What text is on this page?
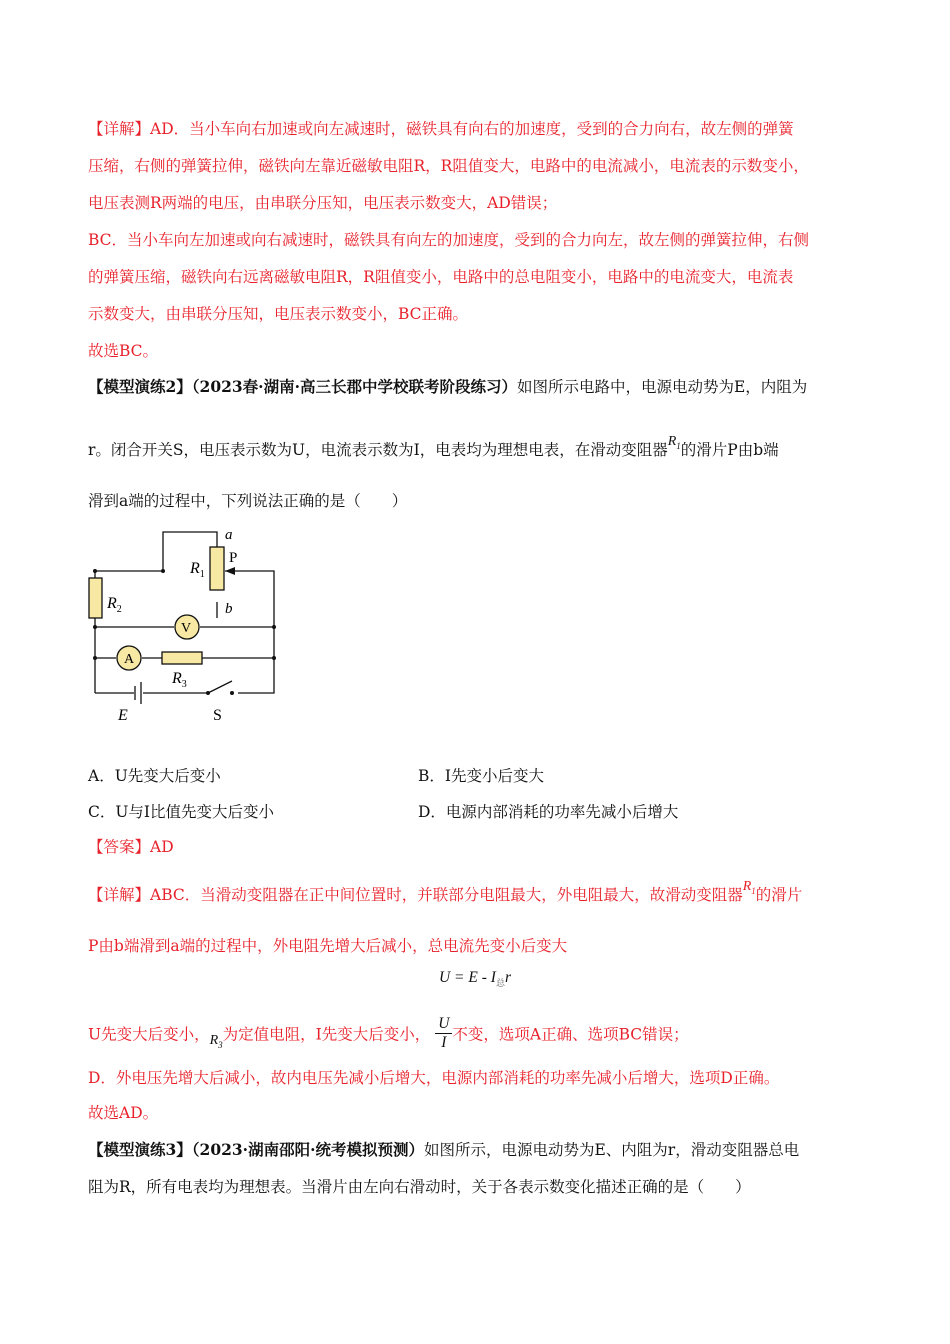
【详解】AD．当小车向右加速或向左减速时，磁铁具有向右的加速度，受到的合力向右，故左侧的弹簧
压缩，右侧的弹簧拉伸，磁铁向左靠近磁敏电阻R，R阻值变大，电路中的电流减小，电流表的示数变小，
电压表测R两端的电压，由串联分压知，电压表示数变大，AD错误；
BC．当小车向左加速或向右减速时，磁铁具有向左的加速度，受到的合力向左，故左侧的弹簧拉伸，右侧
的弹簧压缩，磁铁向右远离磁敏电阻R，R阻值变小，电路中的总电阻变小，电路中的电流变大，电流表
示数变大，由串联分压知，电压表示数变小，BC正确。
故选BC。
【模型演练2】（2023春·湖南·高三长郡中学校联考阶段练习）如图所示电路中，电源电动势为E，内阻为
r。闭合开关S，电压表示数为U，电流表示数为I，电表均为理想电表，在滑动变阻器$R_1$的滑片P由b端
滑到a端的过程中，下列说法正确的是（　　）
a
P
b
$R_1$
$R_2$
$R_3$
V
A
E	S
A．U先变大后变小	B．I先变小后变大
C．U与I比值先变大后变小	D．电源内部消耗的功率先减小后增大
【答案】AD
【详解】ABC．当滑动变阻器在正中间位置时，并联部分电阻最大，外电阻最大，故滑动变阻器$R_1$的滑片
P由b端滑到a端的过程中，外电阻先增大后减小，总电流先变小后变大
$U = E - I_总r$
U先变大后变小，$R_3$为定值电阻，I先变大后变小， $\frac{U}{I}$ 不变，选项A正确、选项BC错误；
D．外电压先增大后减小，故内电压先减小后增大，电源内部消耗的功率先减小后增大，选项D正确。
故选AD。
【模型演练3】（2023·湖南邵阳·统考模拟预测）如图所示，电源电动势为E、内阻为r，滑动变阻器总电
阻为R，所有电表均为理想表。当滑片由左向右滑动时，关于各表示数变化描述正确的是（　　）
